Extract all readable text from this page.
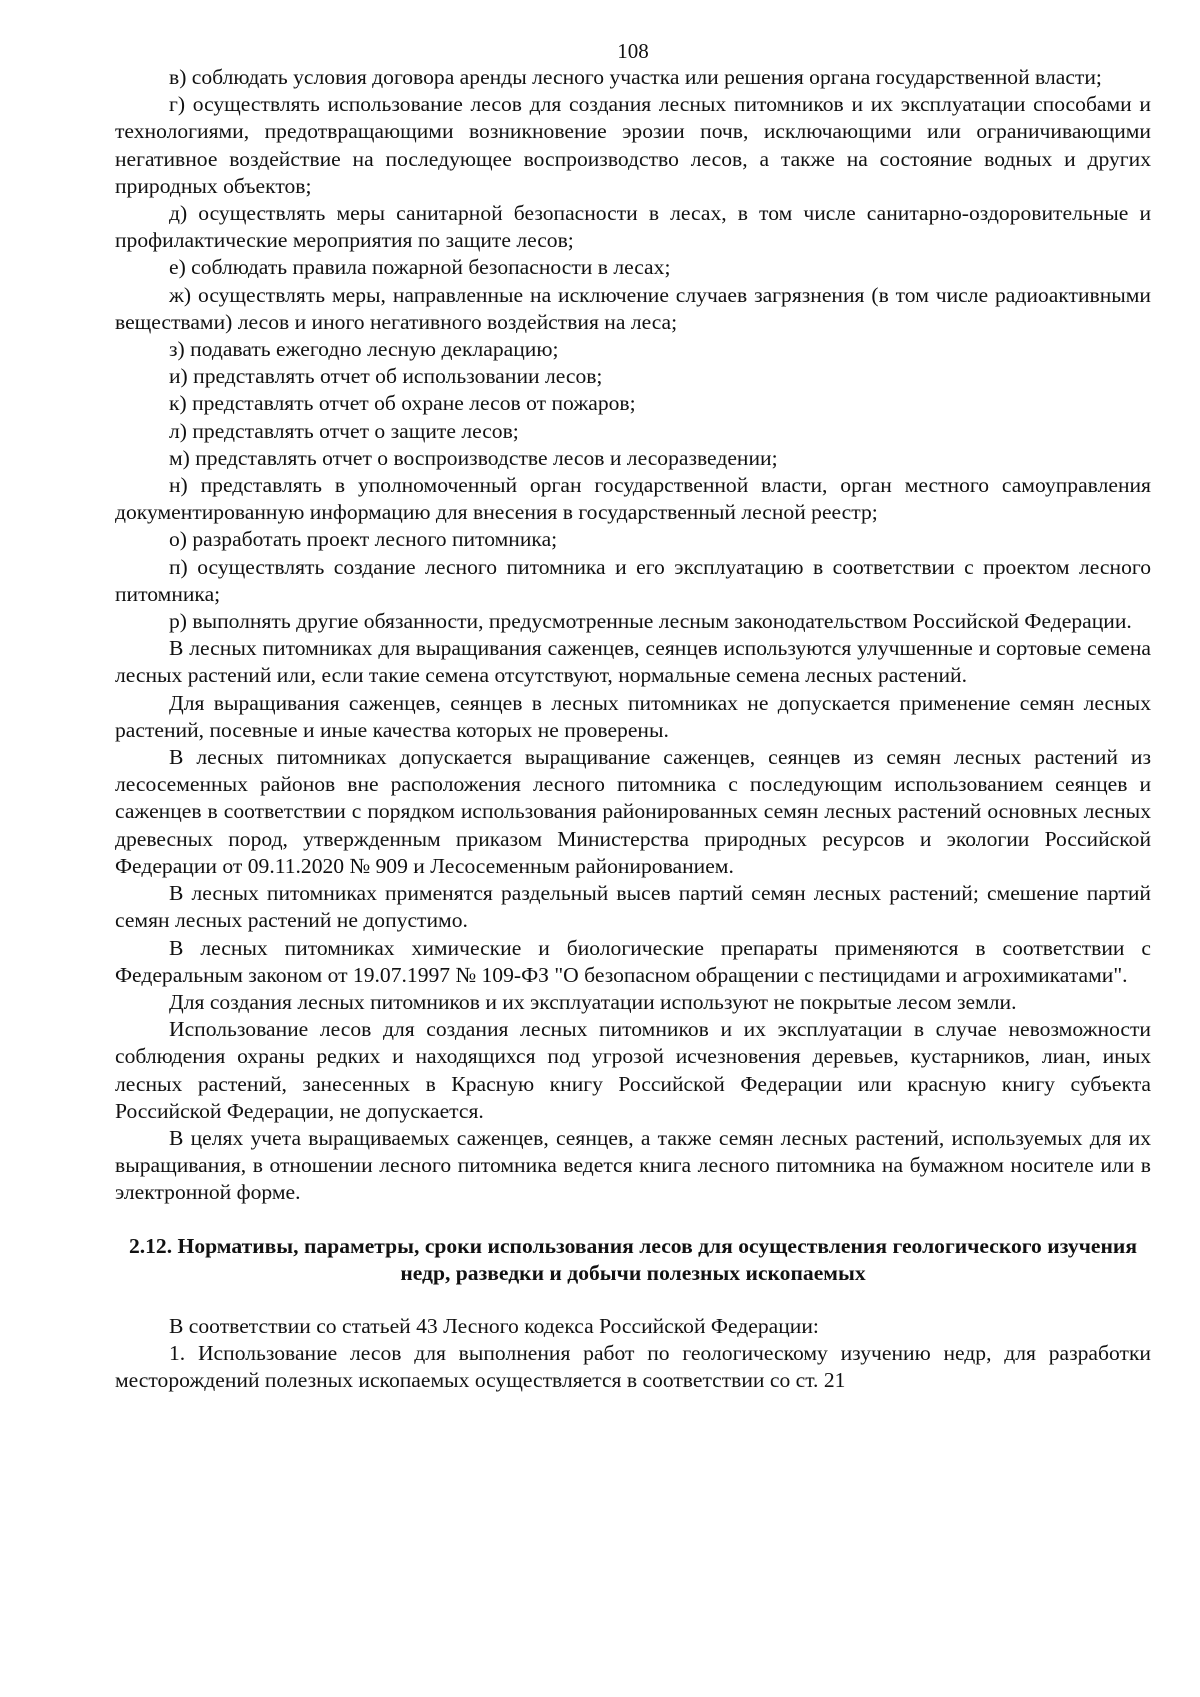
108

в) соблюдать условия договора аренды лесного участка или решения органа государственной власти;

г) осуществлять использование лесов для создания лесных питомников и их эксплуатации способами и технологиями, предотвращающими возникновение эрозии почв, исключающими или ограничивающими негативное воздействие на последующее воспроизводство лесов, а также на состояние водных и других природных объектов;

д) осуществлять меры санитарной безопасности в лесах, в том числе санитарно-оздоровительные и профилактические мероприятия по защите лесов;

е) соблюдать правила пожарной безопасности в лесах;

ж) осуществлять меры, направленные на исключение случаев загрязнения (в том числе радиоактивными веществами) лесов и иного негативного воздействия на леса;

з) подавать ежегодно лесную декларацию;

и) представлять отчет об использовании лесов;

к) представлять отчет об охране лесов от пожаров;

л) представлять отчет о защите лесов;

м) представлять отчет о воспроизводстве лесов и лесоразведении;

н) представлять в уполномоченный орган государственной власти, орган местного самоуправления документированную информацию для внесения в государственный лесной реестр;

о) разработать проект лесного питомника;

п) осуществлять создание лесного питомника и его эксплуатацию в соответствии с проектом лесного питомника;

р) выполнять другие обязанности, предусмотренные лесным законодательством Российской Федерации.

В лесных питомниках для выращивания саженцев, сеянцев используются улучшенные и сортовые семена лесных растений или, если такие семена отсутствуют, нормальные семена лесных растений.

Для выращивания саженцев, сеянцев в лесных питомниках не допускается применение семян лесных растений, посевные и иные качества которых не проверены.

В лесных питомниках допускается выращивание саженцев, сеянцев из семян лесных растений из лесосеменных районов вне расположения лесного питомника с последующим использованием сеянцев и саженцев в соответствии с порядком использования районированных семян лесных растений основных лесных древесных пород, утвержденным приказом Министерства природных ресурсов и экологии Российской Федерации от 09.11.2020 № 909 и Лесосеменным районированием.

В лесных питомниках применятся раздельный высев партий семян лесных растений; смешение партий семян лесных растений не допустимо.

В лесных питомниках химические и биологические препараты применяются в соответствии с Федеральным законом от 19.07.1997 № 109-ФЗ "О безопасном обращении с пестицидами и агрохимикатами".

Для создания лесных питомников и их эксплуатации используют не покрытые лесом земли.

Использование лесов для создания лесных питомников и их эксплуатации в случае невозможности соблюдения охраны редких и находящихся под угрозой исчезновения деревьев, кустарников, лиан, иных лесных растений, занесенных в Красную книгу Российской Федерации или красную книгу субъекта Российской Федерации, не допускается.

В целях учета выращиваемых саженцев, сеянцев, а также семян лесных растений, используемых для их выращивания, в отношении лесного питомника ведется книга лесного питомника на бумажном носителе или в электронной форме.

2.12. Нормативы, параметры, сроки использования лесов для осуществления геологического изучения недр, разведки и добычи полезных ископаемых

В соответствии со статьей 43 Лесного кодекса Российской Федерации:

1. Использование лесов для выполнения работ по геологическому изучению недр, для разработки месторождений полезных ископаемых осуществляется в соответствии со ст. 21
